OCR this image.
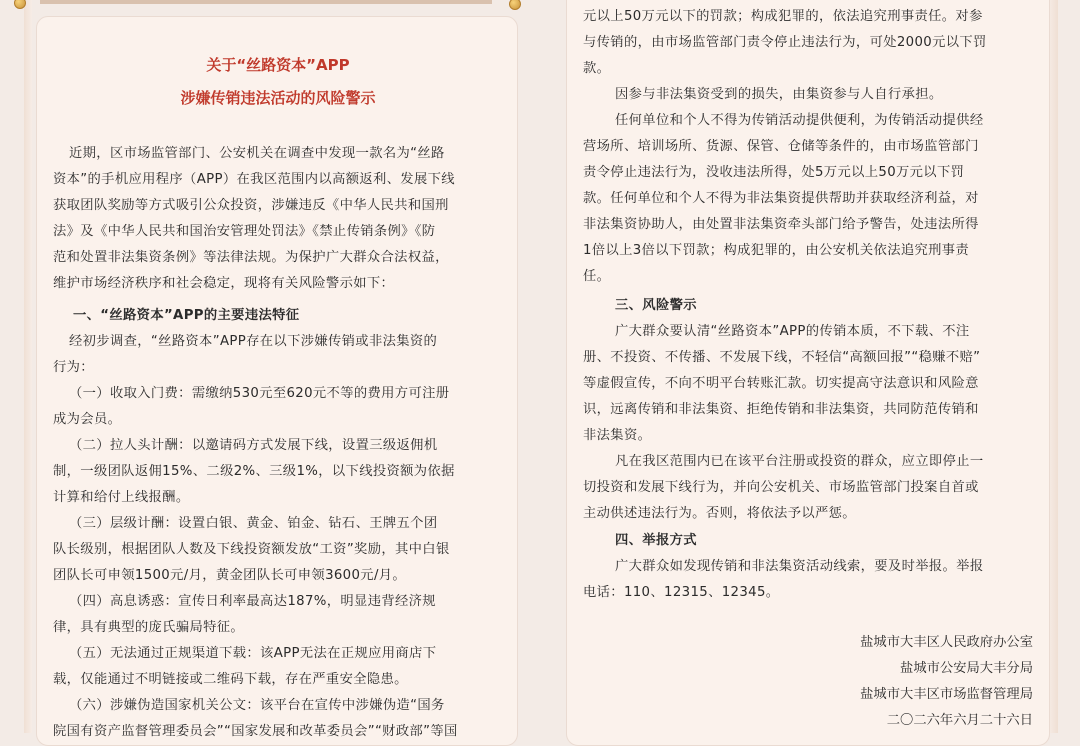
关于“丝路资本”APP
涉嫌传销违法活动的风险警示
近期，区市场监管部门、公安机关在调查中发现一款名为“丝路
资本”的手机应用程序（APP）在我区范围内以高额返利、发展下线
获取团队奖励等方式吸引公众投资，涉嫌违反《中华人民共和国刑
法》及《中华人民共和国治安管理处罚法》《禁止传销条例》《防
范和处置非法集资条例》等法律法规。为保护广大群众合法权益，
维护市场经济秩序和社会稳定，现将有关风险警示如下：
一、“丝路资本”APP的主要违法特征
经初步调查，“丝路资本”APP存在以下涉嫌传销或非法集资的
行为：
（一）收取入门费：需缴纳530元至620元不等的费用方可注册
成为会员。
（二）拉人头计酬：以邀请码方式发展下线，设置三级返佣机
制，一级团队返佣15%、二级2%、三级1%，以下线投资额为依据
计算和给付上线报酬。
（三）层级计酬：设置白银、黄金、铂金、钻石、王牌五个团
队长级别，根据团队人数及下线投资额发放“工资”奖励，其中白银
团队长可申领1500元/月，黄金团队长可申领3600元/月。
（四）高息诱惑：宣传日利率最高达187%，明显违背经济规
律，具有典型的庞氏骗局特征。
（五）无法通过正规渠道下载：该APP无法在正规应用商店下
载，仅能通过不明链接或二维码下载，存在严重安全隐患。
（六）涉嫌伪造国家机关公文：该平台在宣传中涉嫌伪造“国务
院国有资产监督管理委员会”“国家发展和改革委员会”“财政部”等国
元以上50万元以下的罚款；构成犯罪的，依法追究刑事责任。对参
与传销的，由市场监管部门责令停止违法行为，可处2000元以下罚
款。
因参与非法集资受到的损失，由集资参与人自行承担。
任何单位和个人不得为传销活动提供便利，为传销活动提供经
营场所、培训场所、货源、保管、仓储等条件的，由市场监管部门
责令停止违法行为，没收违法所得，处5万元以上50万元以下罚
款。任何单位和个人不得为非法集资提供帮助并获取经济利益，对
非法集资协助人，由处置非法集资牵头部门给予警告，处违法所得
1倍以上3倍以下罚款；构成犯罪的，由公安机关依法追究刑事责
任。
三、风险警示
广大群众要认清“丝路资本”APP的传销本质，不下载、不注
册、不投资、不传播、不发展下线，不轻信“高额回报”“稳赚不赔”
等虚假宣传，不向不明平台转账汇款。切实提高守法意识和风险意
识，远离传销和非法集资、拒绝传销和非法集资，共同防范传销和
非法集资。
凡在我区范围内已在该平台注册或投资的群众，应立即停止一
切投资和发展下线行为，并向公安机关、市场监管部门投案自首或
主动供述违法行为。否则，将依法予以严惩。
四、举报方式
广大群众如发现传销和非法集资活动线索，要及时举报。举报
电话：110、12315、12345。
盐城市大丰区人民政府办公室
盐城市公安局大丰分局
盐城市大丰区市场监督管理局
二〇二六年六月二十六日
